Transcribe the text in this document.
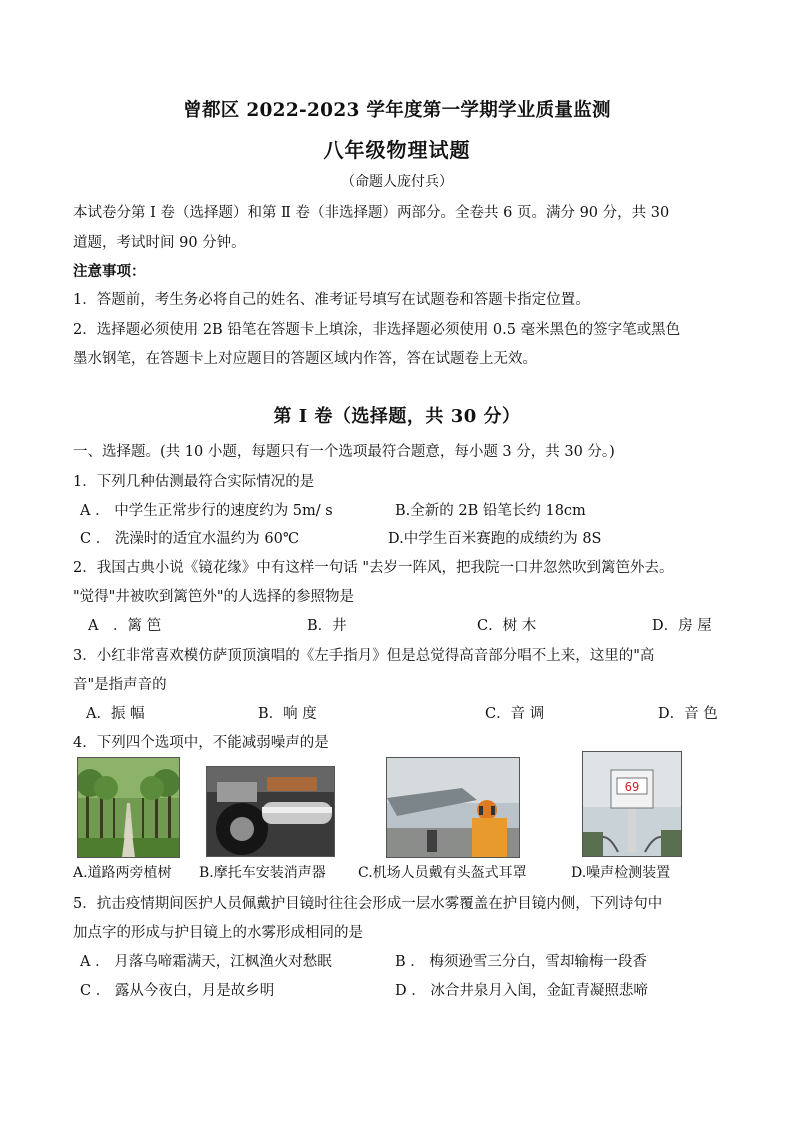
曾都区 2022-2023 学年度第一学期学业质量监测
八年级物理试题
（命题人庞付兵）
本试卷分第 Ⅰ 卷（选择题）和第 Ⅱ 卷（非选择题）两部分。全卷共 6 页。满分 90 分，共 30
道题，考试时间 90 分钟。
注意事项：
1．答题前，考生务必将自己的姓名、准考证号填写在试题卷和答题卡指定位置。
2．选择题必须使用 2B 铅笔在答题卡上填涂，非选择题必须使用 0.5 毫米黑色的签字笔或黑色
墨水钢笔，在答题卡上对应题目的答题区域内作答，答在试题卷上无效。
第 Ⅰ 卷（选择题，共 30 分）
一、选择题。(共 10 小题，每题只有一个选项最符合题意，每小题 3 分，共 30 分。)
1．下列几种估测最符合实际情况的是
A ． 中学生正常步行的速度约为 5m/ s	B.全新的 2B 铅笔长约 18cm
C ． 洗澡时的适宜水温约为 60℃	D.中学生百米赛跑的成绩约为 8S
2．我国古典小说《镜花缘》中有这样一句话 "去岁一阵风，把我院一口井忽然吹到篱笆外去。
"觉得"井被吹到篱笆外"的人选择的参照物是
A　．篱 笆	B．井	C．树 木	D．房 屋
3．小红非常喜欢模仿萨顶顶演唱的《左手指月》但是总觉得高音部分唱不上来，这里的"高
音"是指声音的
A．振 幅	B．响 度	C．音 调	D．音 色
4．下列四个选项中，不能减弱噪声的是
69
A.道路两旁植树 B.摩托车安装消声器 C.机场人员戴有头盔式耳罩	D.噪声检测装置
5．抗击疫情期间医护人员佩戴护目镜时往往会形成一层水雾覆盖在护目镜内侧，下列诗句中
加点字的形成与护目镜上的水雾形成相同的是
A ． 月落乌啼霜满天，江枫渔火对愁眠	B ． 梅须逊雪三分白，雪却输梅一段香
C ． 露从今夜白，月是故乡明	D ． 冰合井泉月入闺，金缸青凝照悲啼
